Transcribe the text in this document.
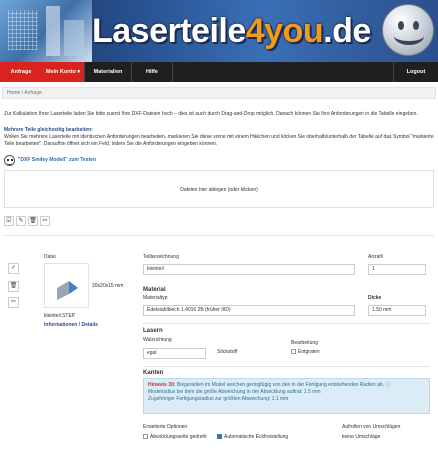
Laserteile4you.de
Anfrage	Mein Konto ▾	Materialien	Hilfe	Logout
Home / Anfrage
Zur Kalkulation Ihrer Laserteile laden Sie bitte zuerst Ihre DXF-Dateien hoch – dies ist auch durch Drag-and-Drop möglich. Danach können Sie Ihre Anforderungen in die Tabelle eingeben.
Mehrere Teile gleichzeitig bearbeiten:
Wollen Sie mehrere Laserteile mit identischen Anforderungen bearbeiten, markieren Sie diese vorne mit einem Häkchen und klicken Sie oberhalb/unterhalb der Tabelle auf das Symbol "markierte Teile bearbeiten". Daraufhin öffnet sich ein Feld, indem Sie die Anforderungen eingeben können.
"DXF Smiley Modell" zum Testen
Dateien hier ablegen (oder klicken)
☑	✎ 🗑 ✂
✓
🗑
✂
Datei
20x20x15 mm
kleinteil.STEP
Informationen / Details
Teilbezeichnung
kleinteil
Anzahl
1
Material
Materialtyp
Edelstahlblech 1.4016 2B (früher IIID)
Dicke
1.50 mm
Lasern
Walzrichtung
egal	Stickstoff
Bearbeitung
Entgraten
Kanten
Hinweis 30: Biegeradien im Model weichen geringfügig von den in der Fertigung entstehenden Radien ab. ⓘ
Modelradius bei dem die größe Abweichung in der Abwicklung auftrat: 1.5 mm
Zugehöriger Fertigungsradius zur größten Abweichung: 1.1 mm
Erweiterte Optionen
Abwicklungsseite gedreht	Automatische Eckfreistellung
Aufrollen von Umschlägen
keine Umschläge
